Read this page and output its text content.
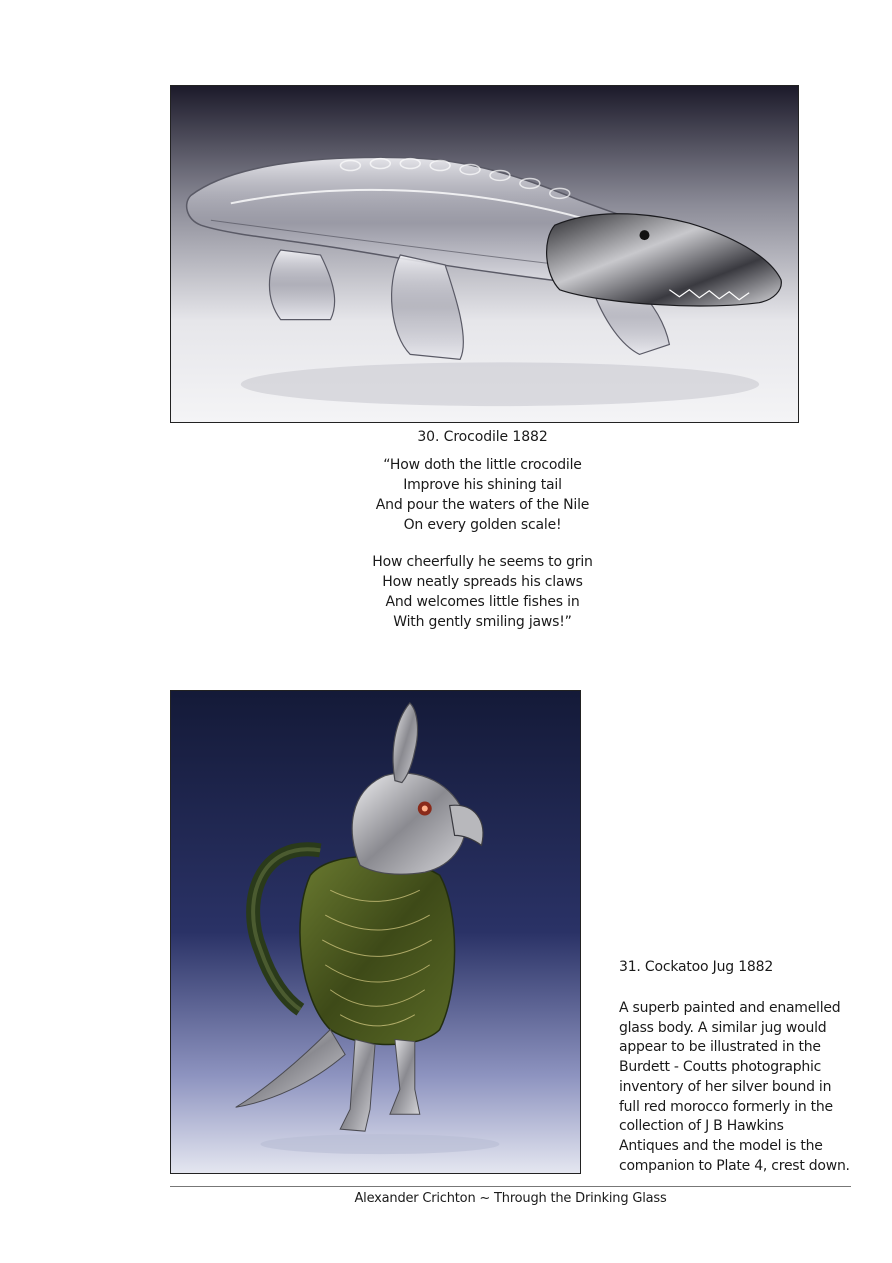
30. Crocodile 1882
“How doth the little crocodile
Improve his shining tail
And pour the waters of the Nile
On every golden scale!
How cheerfully he seems to grin
How neatly spreads his claws
And welcomes little fishes in
With gently smiling jaws!”
31. Cockatoo Jug 1882
A superb painted and enamelled
glass body. A similar jug would
appear to be illustrated in the
Burdett - Coutts photographic
inventory of her silver bound in
full red morocco formerly in the
collection of J B Hawkins
Antiques and the model is the
companion to Plate 4, crest down.
Alexander Crichton ~ Through the Drinking Glass
